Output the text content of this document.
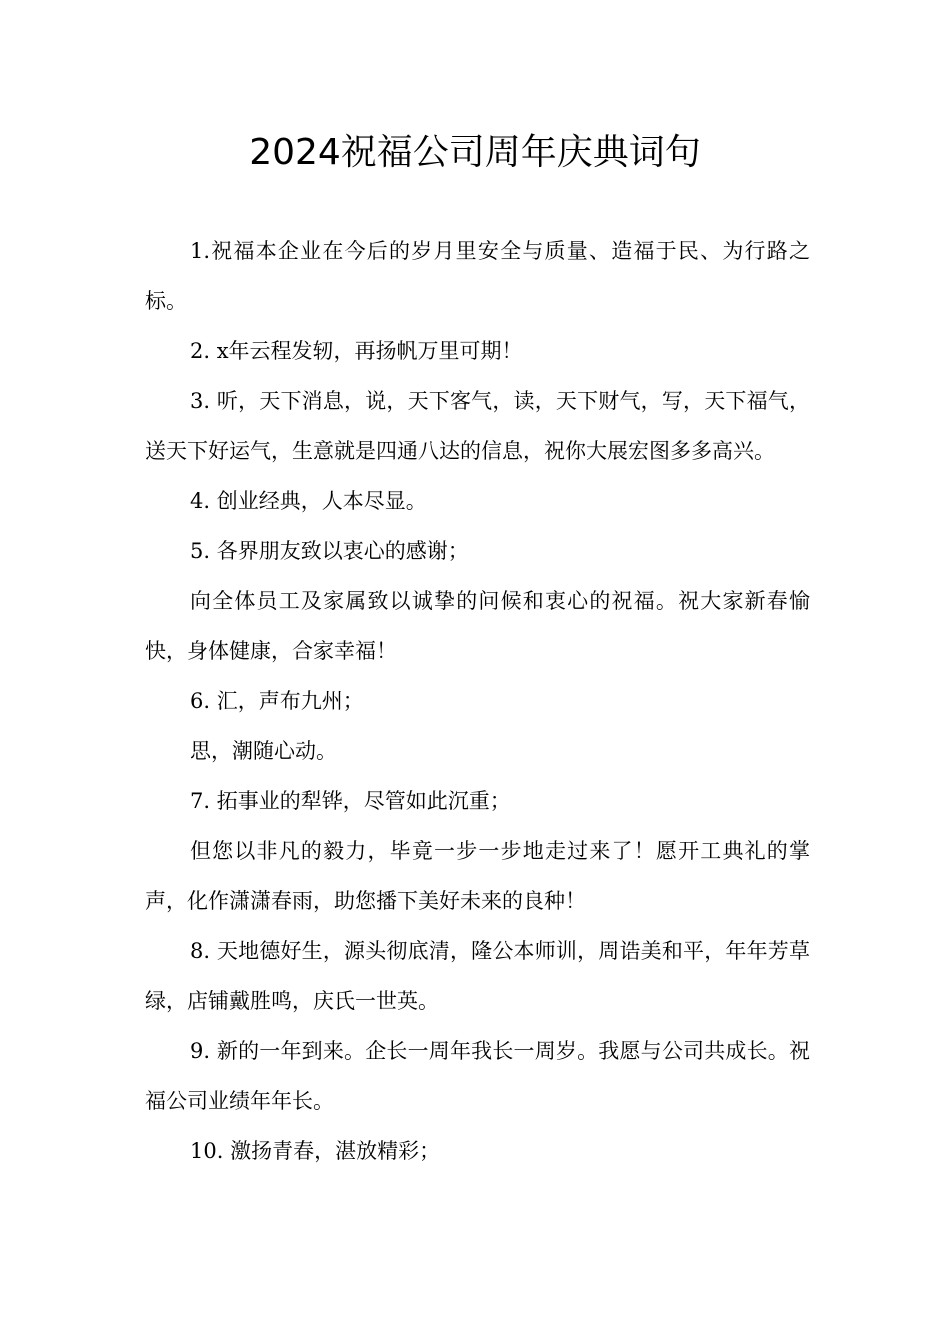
2024祝福公司周年庆典词句

1.祝福本企业在今后的岁月里安全与质量、造福于民、为行路之标。

2. x年云程发轫，再扬帆万里可期！

3. 听，天下消息，说，天下客气，读，天下财气，写，天下福气，送天下好运气，生意就是四通八达的信息，祝你大展宏图多多高兴。

4. 创业经典，人本尽显。

5. 各界朋友致以衷心的感谢；

向全体员工及家属致以诚挚的问候和衷心的祝福。祝大家新春愉快，身体健康，合家幸福！

6. 汇，声布九州；

思，潮随心动。

7. 拓事业的犁铧，尽管如此沉重；

但您以非凡的毅力，毕竟一步一步地走过来了！愿开工典礼的掌声，化作潇潇春雨，助您播下美好未来的良种！

8. 天地德好生，源头彻底清，隆公本师训，周诰美和平，年年芳草绿，店铺戴胜鸣，庆氏一世英。

9. 新的一年到来。企长一周年我长一周岁。我愿与公司共成长。祝福公司业绩年年长。

10. 激扬青春，湛放精彩；
